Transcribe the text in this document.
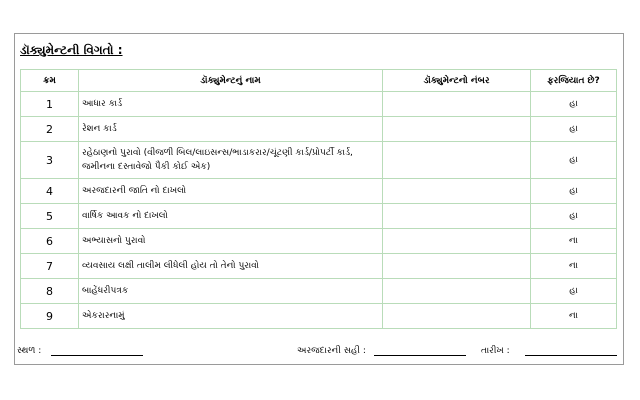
ડૉક્યુમેન્ટની વિગતો :
ક્રમ	ડૉક્યુમેન્ટનું નામ	ડૉક્યુમેન્ટનો નંબર	ફરજિયાત છે?
1	આધાર કાર્ડ		હા
2	રેશન કાર્ડ		હા
3	રહેઠાણનો પુરાવો (વીજળી બિલ/લાઇસન્સ/ભાડાકરાર/ચૂંટણી કાર્ડ/પ્રોપર્ટી કાર્ડ, જમીનના દસ્તાવેજો પૈકી કોઈ એક)		હા
4	અરજદારની જાતિ નો દાખલો		હા
5	વાર્ષિક આવક નો દાખલો		હા
6	અભ્યાસનો પુરાવો		ના
7	વ્યવસાય લક્ષી તાલીમ લીધેલી હોય તો તેનો પુરાવો		ના
8	બાહેંધરીપત્રક		હા
9	એકરારનામું		ના
સ્થળ :	અરજદારની સહી :	તારીખ :
